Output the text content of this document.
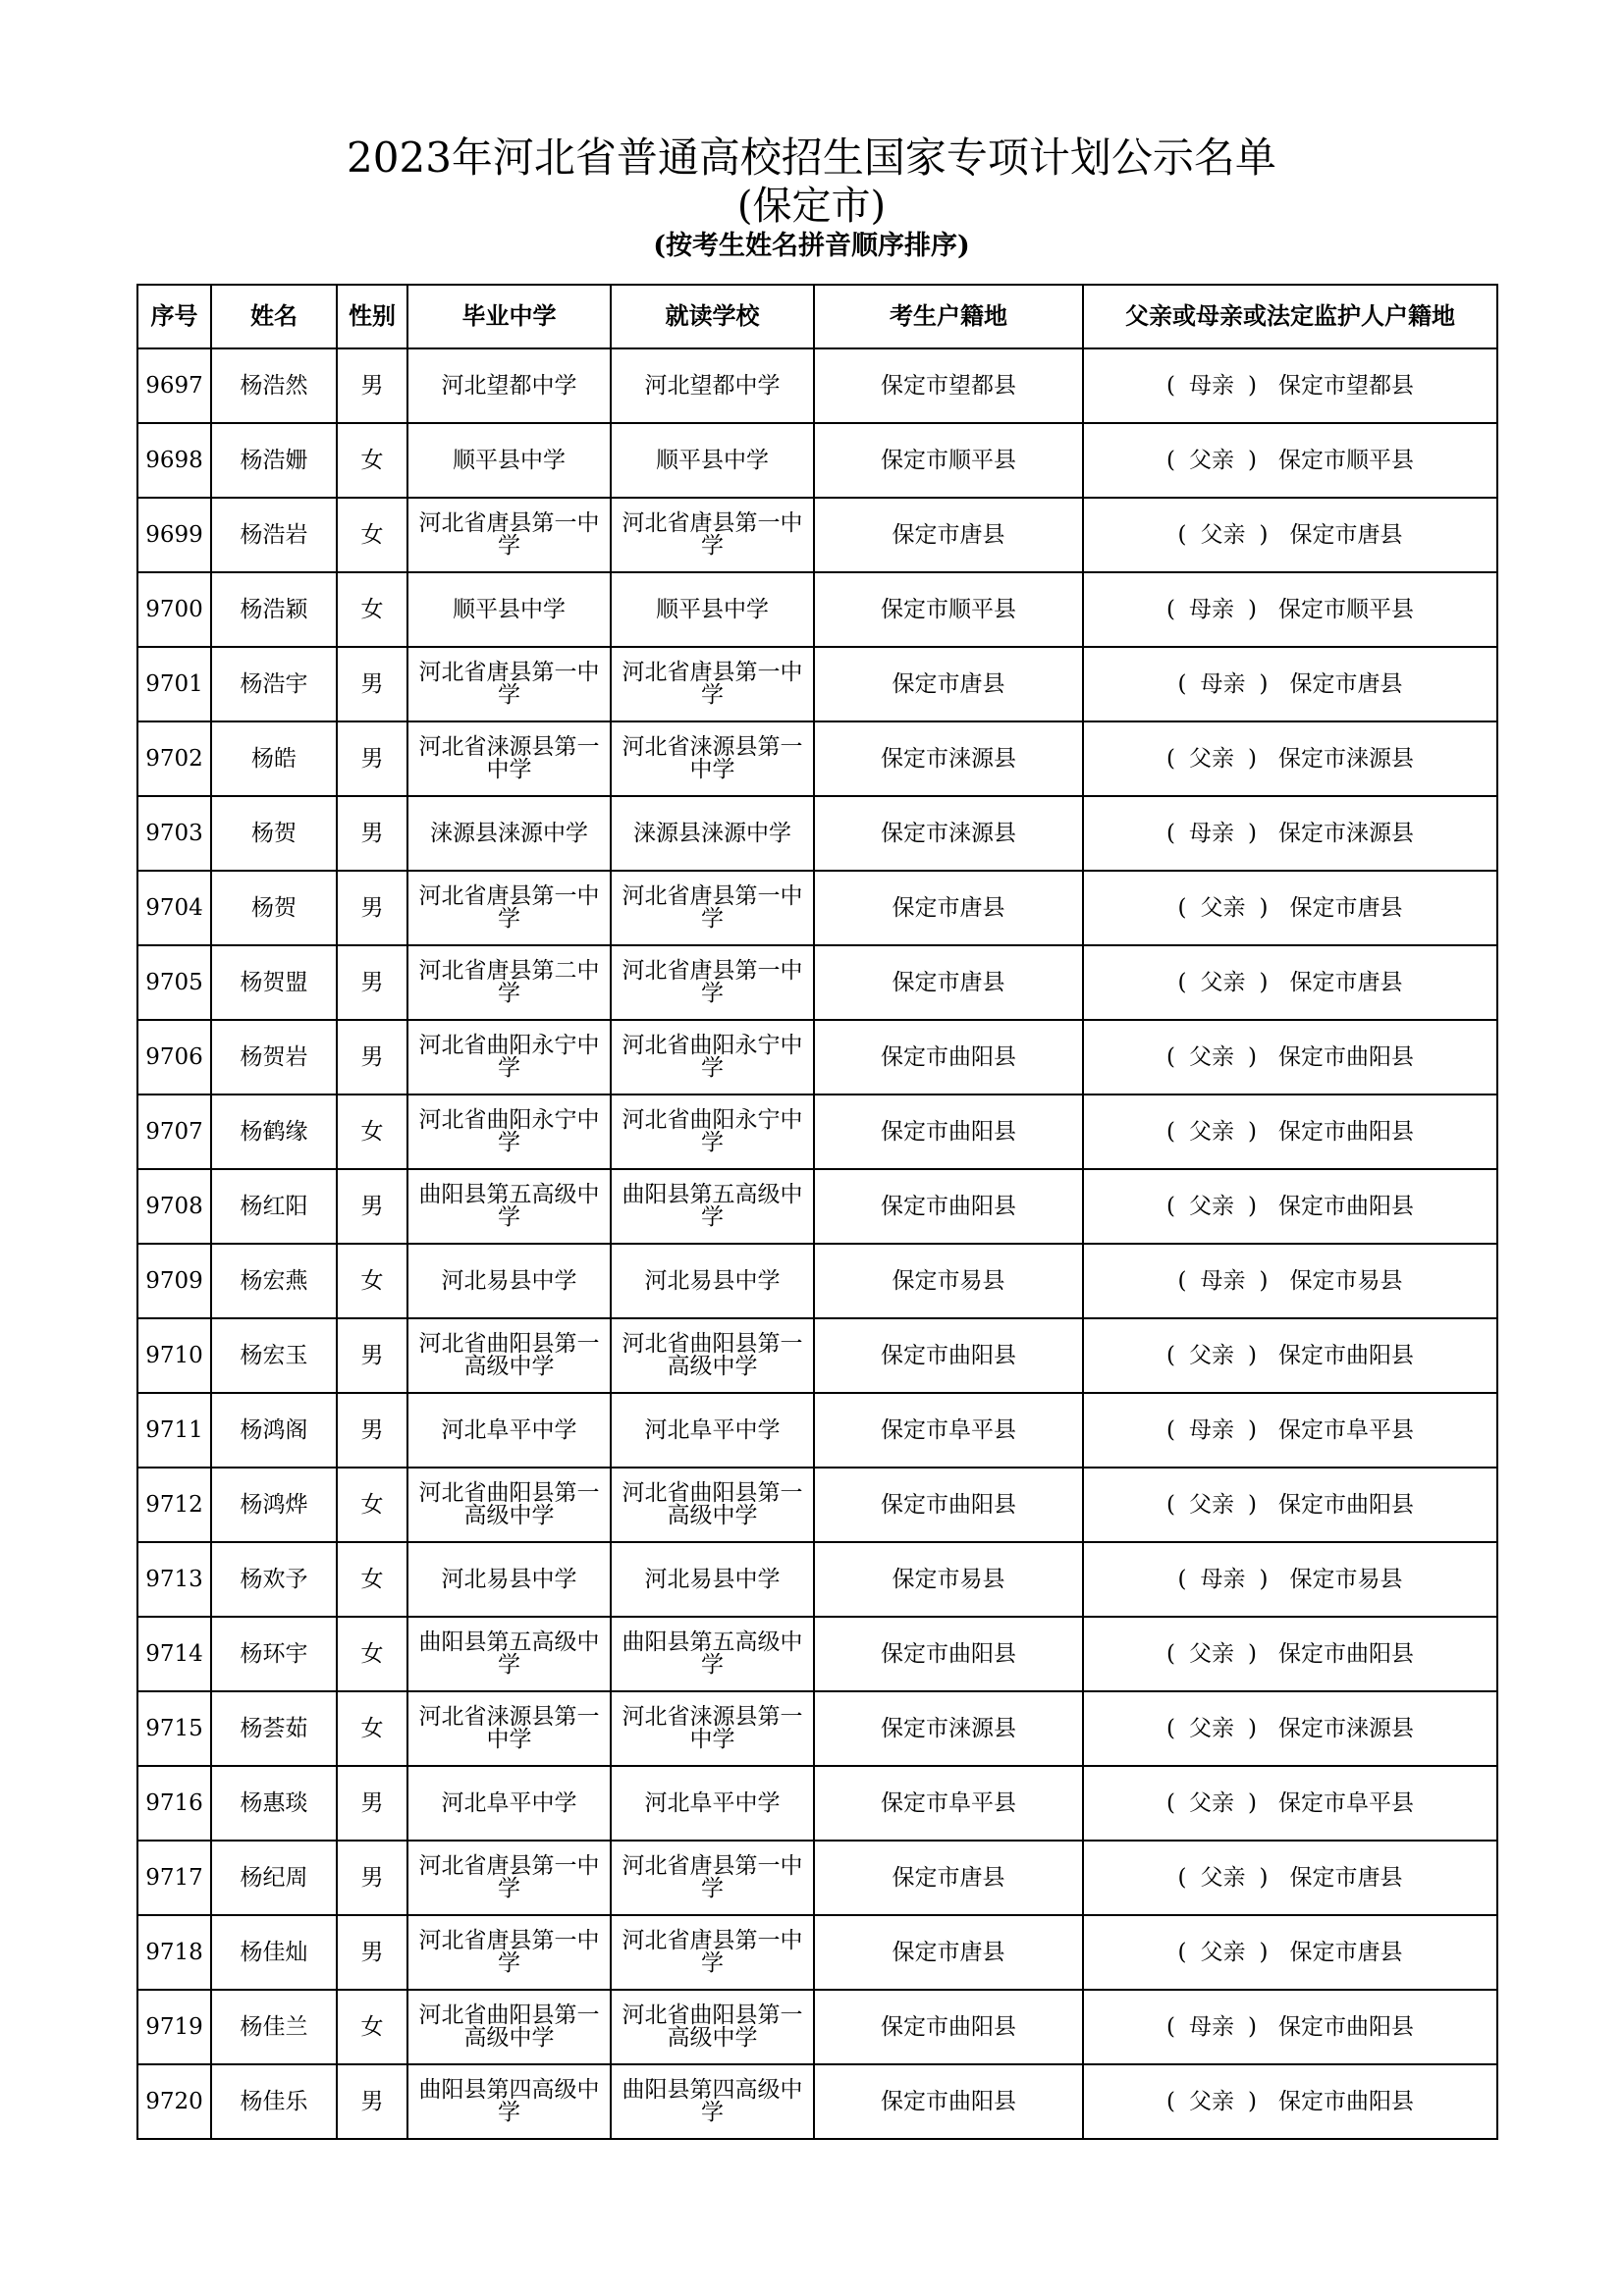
2023年河北省普通高校招生国家专项计划公示名单
(保定市)
(按考生姓名拼音顺序排序)
序号	姓名	性别	毕业中学	就读学校	考生户籍地	父亲或母亲或法定监护人户籍地
9697	杨浩然	男	河北望都中学	河北望都中学	保定市望都县	( 母亲 ) 保定市望都县
9698	杨浩姗	女	顺平县中学	顺平县中学	保定市顺平县	( 父亲 ) 保定市顺平县
9699	杨浩岩	女	河北省唐县第一中学	河北省唐县第一中学	保定市唐县	( 父亲 ) 保定市唐县
9700	杨浩颖	女	顺平县中学	顺平县中学	保定市顺平县	( 母亲 ) 保定市顺平县
9701	杨浩宇	男	河北省唐县第一中学	河北省唐县第一中学	保定市唐县	( 母亲 ) 保定市唐县
9702	杨皓	男	河北省涞源县第一中学	河北省涞源县第一中学	保定市涞源县	( 父亲 ) 保定市涞源县
9703	杨贺	男	涞源县涞源中学	涞源县涞源中学	保定市涞源县	( 母亲 ) 保定市涞源县
9704	杨贺	男	河北省唐县第一中学	河北省唐县第一中学	保定市唐县	( 父亲 ) 保定市唐县
9705	杨贺盟	男	河北省唐县第二中学	河北省唐县第一中学	保定市唐县	( 父亲 ) 保定市唐县
9706	杨贺岩	男	河北省曲阳永宁中学	河北省曲阳永宁中学	保定市曲阳县	( 父亲 ) 保定市曲阳县
9707	杨鹤缘	女	河北省曲阳永宁中学	河北省曲阳永宁中学	保定市曲阳县	( 父亲 ) 保定市曲阳县
9708	杨红阳	男	曲阳县第五高级中学	曲阳县第五高级中学	保定市曲阳县	( 父亲 ) 保定市曲阳县
9709	杨宏燕	女	河北易县中学	河北易县中学	保定市易县	( 母亲 ) 保定市易县
9710	杨宏玉	男	河北省曲阳县第一高级中学	河北省曲阳县第一高级中学	保定市曲阳县	( 父亲 ) 保定市曲阳县
9711	杨鸿阁	男	河北阜平中学	河北阜平中学	保定市阜平县	( 母亲 ) 保定市阜平县
9712	杨鸿烨	女	河北省曲阳县第一高级中学	河北省曲阳县第一高级中学	保定市曲阳县	( 父亲 ) 保定市曲阳县
9713	杨欢予	女	河北易县中学	河北易县中学	保定市易县	( 母亲 ) 保定市易县
9714	杨环宇	女	曲阳县第五高级中学	曲阳县第五高级中学	保定市曲阳县	( 父亲 ) 保定市曲阳县
9715	杨荟茹	女	河北省涞源县第一中学	河北省涞源县第一中学	保定市涞源县	( 父亲 ) 保定市涞源县
9716	杨惠琰	男	河北阜平中学	河北阜平中学	保定市阜平县	( 父亲 ) 保定市阜平县
9717	杨纪周	男	河北省唐县第一中学	河北省唐县第一中学	保定市唐县	( 父亲 ) 保定市唐县
9718	杨佳灿	男	河北省唐县第一中学	河北省唐县第一中学	保定市唐县	( 父亲 ) 保定市唐县
9719	杨佳兰	女	河北省曲阳县第一高级中学	河北省曲阳县第一高级中学	保定市曲阳县	( 母亲 ) 保定市曲阳县
9720	杨佳乐	男	曲阳县第四高级中学	曲阳县第四高级中学	保定市曲阳县	( 父亲 ) 保定市曲阳县
